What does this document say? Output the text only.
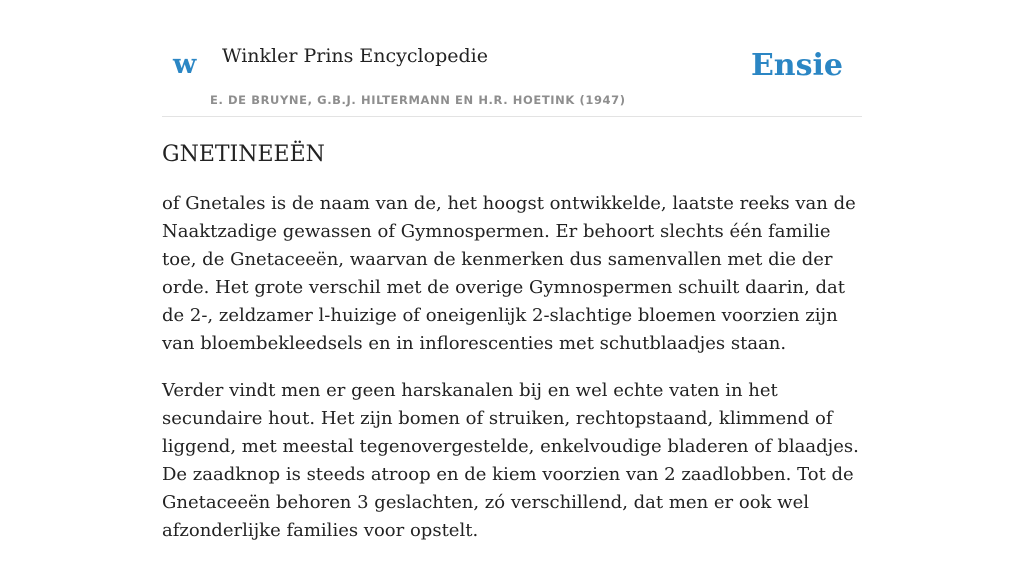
w Winkler Prins Encyclopedie
E. DE BRUYNE, G.B.J. HILTERMANN EN H.R. HOETINK (1947)
Ensie
GNETINEEËN

of Gnetales is de naam van de, het hoogst ontwikkelde, laatste reeks van de Naaktzadige gewassen of Gymnospermen. Er behoort slechts één familie toe, de Gnetaceeën, waarvan de kenmerken dus samenvallen met die der orde. Het grote verschil met de overige Gymnospermen schuilt daarin, dat de 2-, zeldzamer l-huizige of oneigenlijk 2-slachtige bloemen voorzien zijn van bloembekleedsels en in inflorescenties met schutblaadjes staan.

Verder vindt men er geen harskanalen bij en wel echte vaten in het secundaire hout. Het zijn bomen of struiken, rechtopstaand, klimmend of liggend, met meestal tegenovergestelde, enkelvoudige bladeren of blaadjes. De zaadknop is steeds atroop en de kiem voorzien van 2 zaadlobben. Tot de Gnetaceeën behoren 3 geslachten, zó verschillend, dat men er ook wel afzonderlijke families voor opstelt.
